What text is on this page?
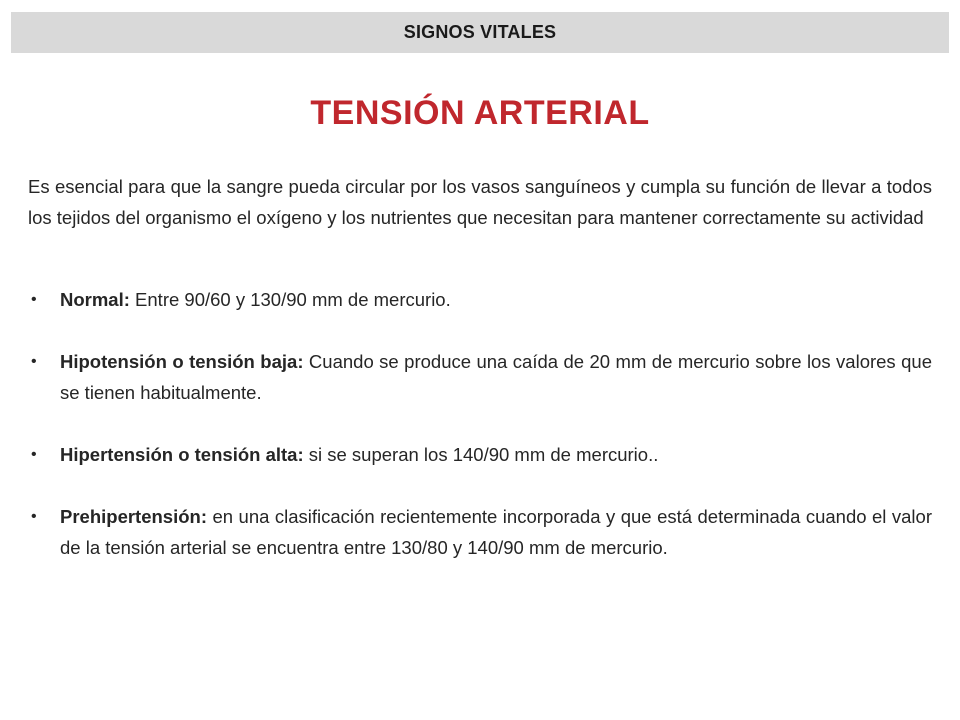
SIGNOS VITALES
TENSIÓN ARTERIAL
Es esencial para que la sangre pueda circular por los vasos sanguíneos y cumpla su función de llevar a todos los tejidos del organismo el oxígeno y los nutrientes que necesitan para mantener correctamente su actividad
• Normal: Entre 90/60 y 130/90 mm de mercurio.
• Hipotensión o tensión baja: Cuando se produce una caída de 20 mm de mercurio sobre los valores que se tienen habitualmente.
• Hipertensión o tensión alta: si se superan los 140/90 mm de mercurio..
• Prehipertensión: en una clasificación recientemente incorporada y que está determinada cuando el valor de la tensión arterial se encuentra entre 130/80 y 140/90 mm de mercurio.
